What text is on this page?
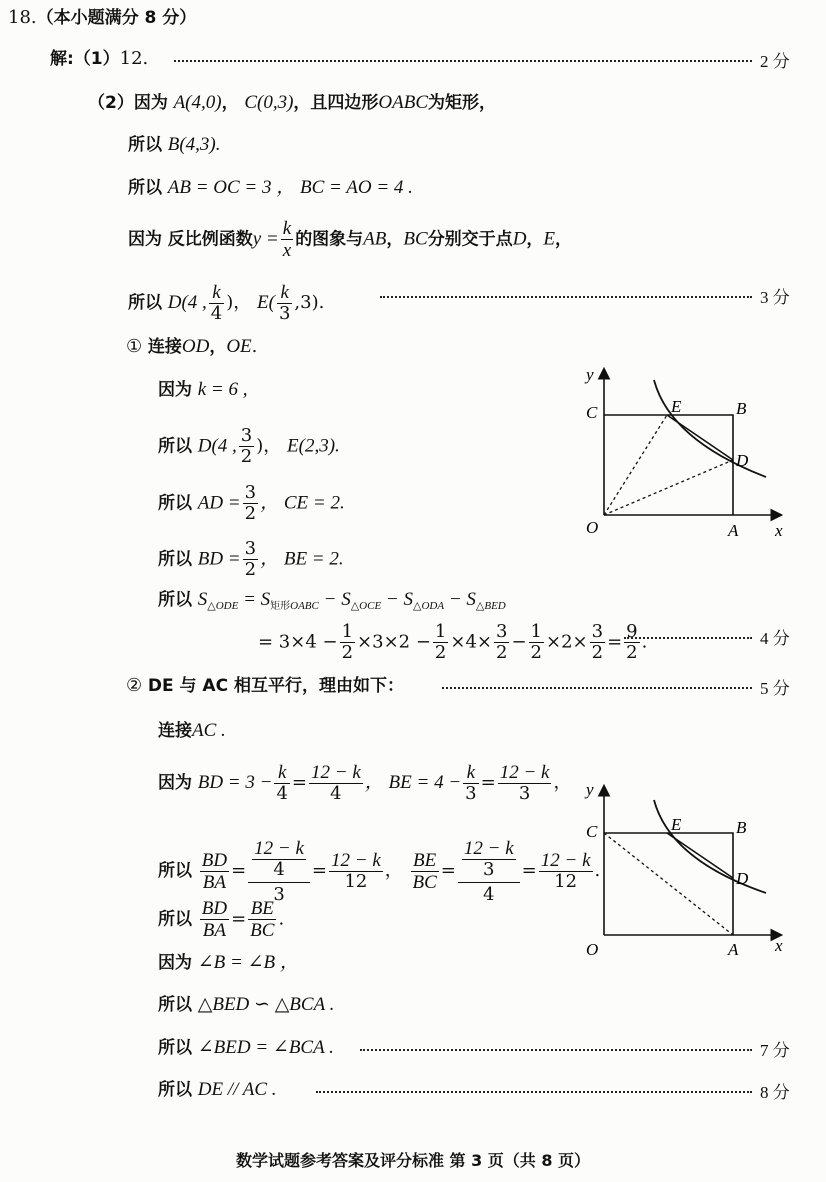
18.（本小题满分 8 分）
解:（1）12.	2 分
（2）因为 A(4,0)， C(0,3)，且四边形OABC为矩形，
所以 B(4,3).
所以 AB = OC = 3 ， BC = AO = 4 .
因为 反比例函数$y = \frac{k}{x}$ 的图象与AB，BC分别交于点D，E，
所以 D(4 , $\frac{k}{4}$ )， $E( \frac{k}{3} ,3)$.	3 分
① 连接OD，OE.
因为 k = 6 ,
所以 D(4 , $\frac{3}{2}$ )， E(2,3).
所以 AD = $\frac{3}{2}$ ， CE = 2.
所以 BD = $\frac{3}{2}$ ， BE = 2.
所以 $S_{\triangle ODE} = S_{矩形OABC} - S_{\triangle OCE} - S_{\triangle ODA} - S_{\triangle BED}$
= $3\times 4 - \frac{1}{2} \times 3\times 2 - \frac{1}{2} \times 4\times \frac{3}{2} - \frac{1}{2} \times 2\times \frac{3}{2} = \frac{9}{2}$ .	4 分
② DE 与 AC 相互平行，理由如下：	5 分
连接AC .
因为 BD = $3 - \frac{k}{4} = \frac{12 - k}{4}$ ， BE = $4 - \frac{k}{3} = \frac{12 - k}{3}$ ，
所以 $\frac{BD}{BA} = \frac{\frac{12 - k}{4}}{3} = \frac{12 - k}{12}$ ， $\frac{BE}{BC} = \frac{\frac{12 - k}{3}}{4} = \frac{12 - k}{12}$ .
所以 $\frac{BD}{BA} = \frac{BE}{BC}$ .
因为 ∠B = ∠B ，
所以 △BED ∽ △BCA .
所以 ∠BED = ∠BCA .	7 分
所以 DE // AC .	8 分
y
x
O	A
B
C
D
E
y
x
O	A
B
C
D
E
数学试题参考答案及评分标准 第 3 页（共 8 页）
